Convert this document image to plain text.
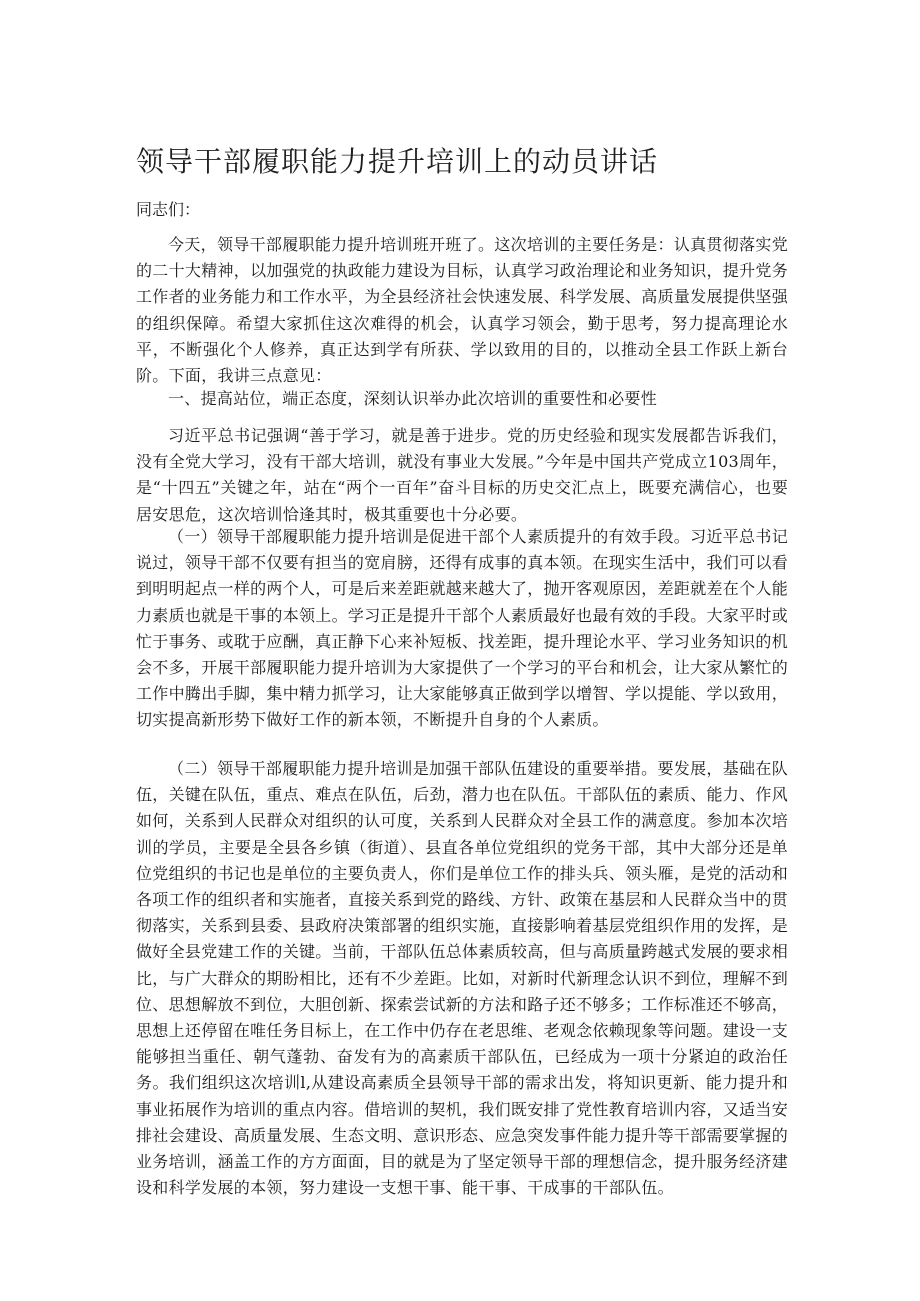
领导干部履职能力提升培训上的动员讲话

同志们：

今天，领导干部履职能力提升培训班开班了。这次培训的主要任务是：认真贯彻落实党的二十大精神，以加强党的执政能力建设为目标，认真学习政治理论和业务知识，提升党务工作者的业务能力和工作水平，为全县经济社会快速发展、科学发展、高质量发展提供坚强的组织保障。希望大家抓住这次难得的机会，认真学习领会，勤于思考，努力提高理论水平，不断强化个人修养，真正达到学有所获、学以致用的目的，以推动全县工作跃上新台阶。下面，我讲三点意见：

一、提高站位，端正态度，深刻认识举办此次培训的重要性和必要性

习近平总书记强调“善于学习，就是善于进步。党的历史经验和现实发展都告诉我们，没有全党大学习，没有干部大培训，就没有事业大发展。”今年是中国共产党成立103周年，是“十四五”关键之年，站在“两个一百年”奋斗目标的历史交汇点上，既要充满信心，也要居安思危，这次培训恰逢其时，极其重要也十分必要。

（一）领导干部履职能力提升培训是促进干部个人素质提升的有效手段。习近平总书记说过，领导干部不仅要有担当的宽肩膀，还得有成事的真本领。在现实生活中，我们可以看到明明起点一样的两个人，可是后来差距就越来越大了，抛开客观原因，差距就差在个人能力素质也就是干事的本领上。学习正是提升干部个人素质最好也最有效的手段。大家平时或忙于事务、或耽于应酬，真正静下心来补短板、找差距，提升理论水平、学习业务知识的机会不多，开展干部履职能力提升培训为大家提供了一个学习的平台和机会，让大家从繁忙的工作中腾出手脚，集中精力抓学习，让大家能够真正做到学以增智、学以提能、学以致用，切实提高新形势下做好工作的新本领，不断提升自身的个人素质。

（二）领导干部履职能力提升培训是加强干部队伍建设的重要举措。要发展，基础在队伍，关键在队伍，重点、难点在队伍，后劲，潜力也在队伍。干部队伍的素质、能力、作风如何，关系到人民群众对组织的认可度，关系到人民群众对全县工作的满意度。参加本次培训的学员，主要是全县各乡镇（街道）、县直各单位党组织的党务干部，其中大部分还是单位党组织的书记也是单位的主要负责人，你们是单位工作的排头兵、领头雁，是党的活动和各项工作的组织者和实施者，直接关系到党的路线、方针、政策在基层和人民群众当中的贯彻落实，关系到县委、县政府决策部署的组织实施，直接影响着基层党组织作用的发挥，是做好全县党建工作的关键。当前，干部队伍总体素质较高，但与高质量跨越式发展的要求相比，与广大群众的期盼相比，还有不少差距。比如，对新时代新理念认识不到位，理解不到位、思想解放不到位，大胆创新、探索尝试新的方法和路子还不够多；工作标准还不够高，思想上还停留在唯任务目标上，在工作中仍存在老思维、老观念依赖现象等问题。建设一支能够担当重任、朝气蓬勃、奋发有为的高素质干部队伍，已经成为一项十分紧迫的政治任务。我们组织这次培训l,从建设高素质全县领导干部的需求出发，将知识更新、能力提升和事业拓展作为培训的重点内容。借培训的契机，我们既安排了党性教育培训内容，又适当安排社会建设、高质量发展、生态文明、意识形态、应急突发事件能力提升等干部需要掌握的业务培训，涵盖工作的方方面面，目的就是为了坚定领导干部的理想信念，提升服务经济建设和科学发展的本领，努力建设一支想干事、能干事、干成事的干部队伍。
